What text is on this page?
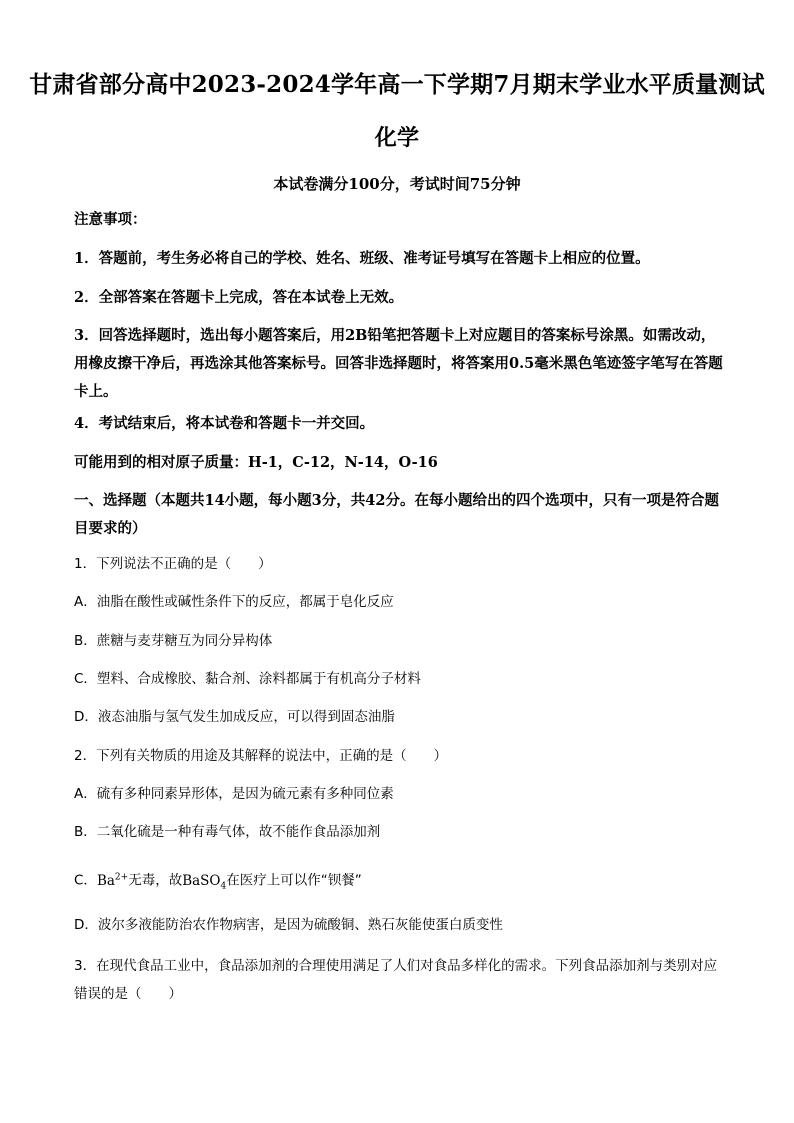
甘肃省部分高中2023-2024学年高一下学期7月期末学业水平质量测试
化学
本试卷满分100分，考试时间75分钟
注意事项：
1．答题前，考生务必将自己的学校、姓名、班级、准考证号填写在答题卡上相应的位置。
2．全部答案在答题卡上完成，答在本试卷上无效。
3．回答选择题时，选出每小题答案后，用2B铅笔把答题卡上对应题目的答案标号涂黑。如需改动，用橡皮擦干净后，再选涂其他答案标号。回答非选择题时，将答案用0.5毫米黑色笔迹签字笔写在答题卡上。
4．考试结束后，将本试卷和答题卡一并交回。
可能用到的相对原子质量：H-1，C-12，N-14，O-16
一、选择题（本题共14小题，每小题3分，共42分。在每小题给出的四个选项中，只有一项是符合题目要求的）
1．下列说法不正确的是（　　）
A．油脂在酸性或碱性条件下的反应，都属于皂化反应
B．蔗糖与麦芽糖互为同分异构体
C．塑料、合成橡胶、黏合剂、涂料都属于有机高分子材料
D．液态油脂与氢气发生加成反应，可以得到固态油脂
2．下列有关物质的用途及其解释的说法中，正确的是（　　）
A．硫有多种同素异形体，是因为硫元素有多种同位素
B．二氧化硫是一种有毒气体，故不能作食品添加剂
C．$Ba^{2+}$无毒，故BaSO$_4$在医疗上可以作“钡餐”
D．波尔多液能防治农作物病害，是因为硫酸铜、熟石灰能使蛋白质变性
3．在现代食品工业中，食品添加剂的合理使用满足了人们对食品多样化的需求。下列食品添加剂与类别对应错误的是（　　）
